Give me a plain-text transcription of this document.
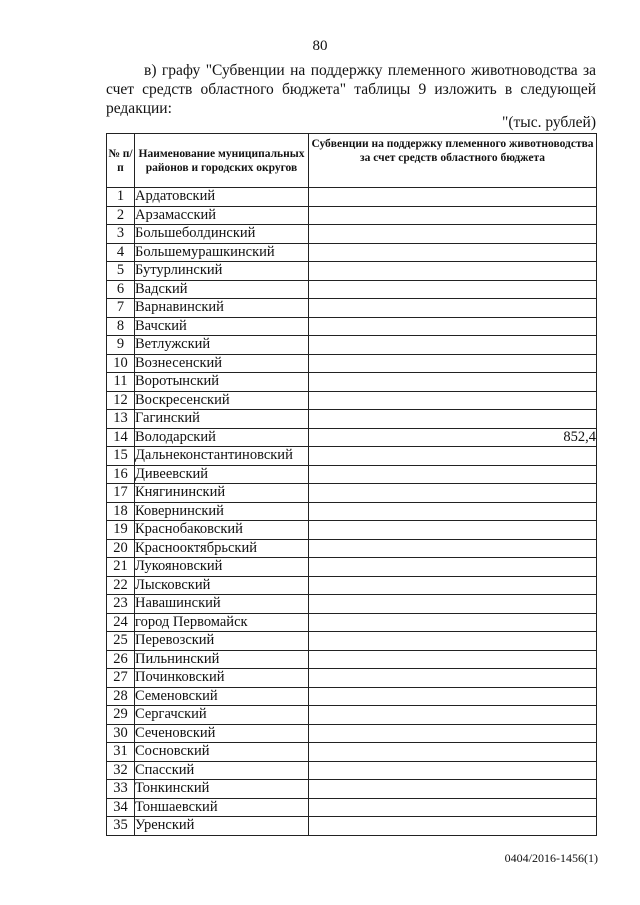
80
в) графу "Субвенции на поддержку племенного животноводства за счет средств областного бюджета" таблицы 9 изложить в следующей редакции:
"(тыс. рублей)
№ п/п	Наименование муниципальных районов и городских округов	Субвенции на поддержку племенного животноводства за счет средств областного бюджета
1	Ардатовский	
2	Арзамасский	
3	Большеболдинский	
4	Большемурашкинский	
5	Бутурлинский	
6	Вадский	
7	Варнавинский	
8	Вачский	
9	Ветлужский	
10	Вознесенский	
11	Воротынский	
12	Воскресенский	
13	Гагинский	
14	Володарский	852,4
15	Дальнеконстантиновский	
16	Дивеевский	
17	Княгининский	
18	Ковернинский	
19	Краснобаковский	
20	Краснооктябрьский	
21	Лукояновский	
22	Лысковский	
23	Навашинский	
24	город Первомайск	
25	Перевозский	
26	Пильнинский	
27	Починковский	
28	Семеновский	
29	Сергачский	
30	Сеченовский	
31	Сосновский	
32	Спасский	
33	Тонкинский	
34	Тоншаевский	
35	Уренский	
0404/2016-1456(1)
